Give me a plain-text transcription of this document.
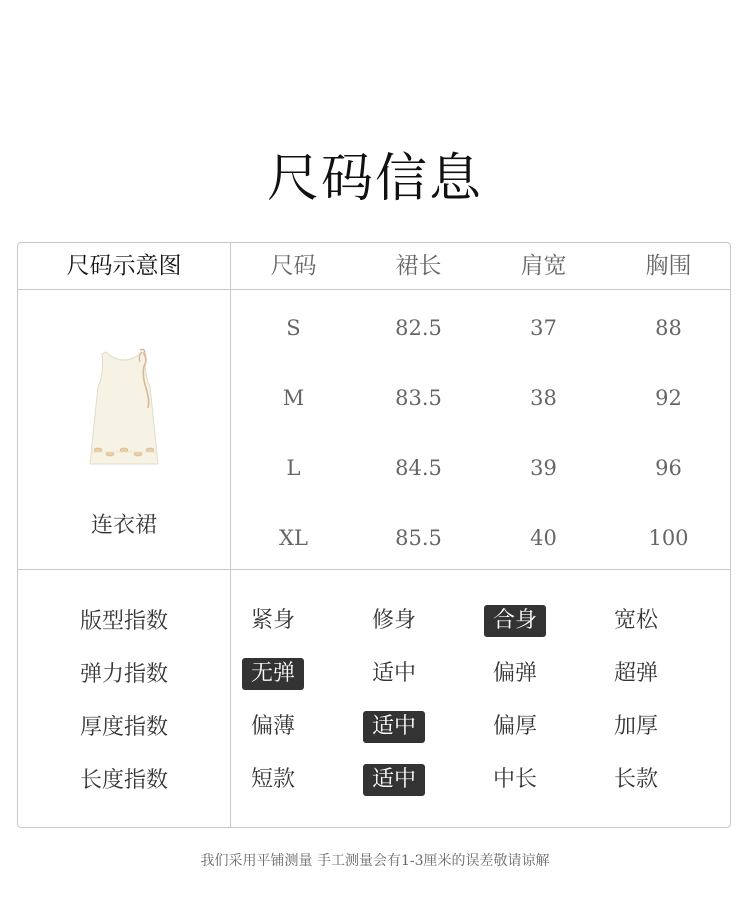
尺码信息
尺码示意图	尺码	裙长	肩宽	胸围
连衣裙
S	82.5	37	88
M	83.5	38	92
L	84.5	39	96
XL	85.5	40	100
版型指数	紧身	修身	合身	宽松
弹力指数	无弹	适中	偏弹	超弹
厚度指数	偏薄	适中	偏厚	加厚
长度指数	短款	适中	中长	长款
我们采用平铺测量 手工测量会有1-3厘米的误差敬请谅解
